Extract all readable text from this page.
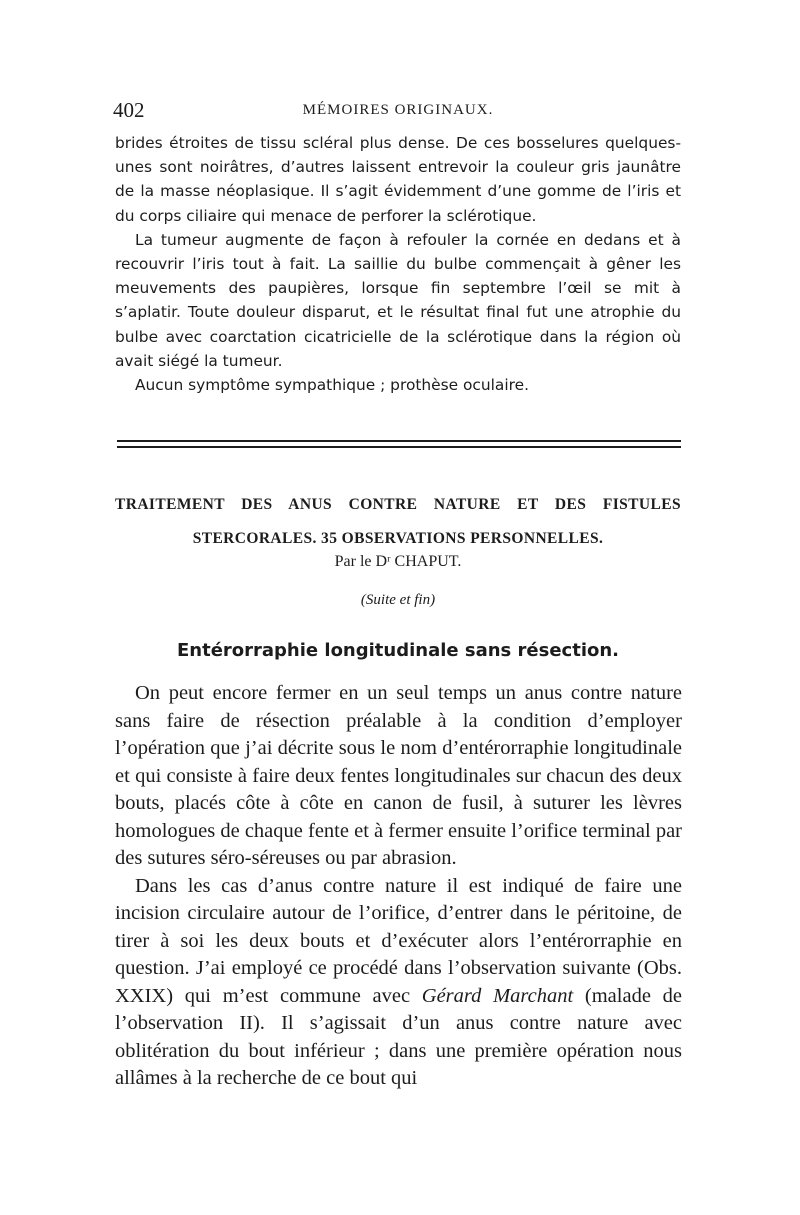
402	MÉMOIRES ORIGINAUX.

brides étroites de tissu scléral plus dense. De ces bosselures quelques-unes sont noirâtres, d’autres laissent entrevoir la couleur gris jaunâtre de la masse néoplasique. Il s’agit évidemment d’une gomme de l’iris et du corps ciliaire qui menace de perforer la sclérotique.

La tumeur augmente de façon à refouler la cornée en dedans et à recouvrir l’iris tout à fait. La saillie du bulbe commençait à gêner les meuvements des paupières, lorsque fin septembre l’œil se mit à s’aplatir. Toute douleur disparut, et le résultat final fut une atrophie du bulbe avec coarctation cicatricielle de la sclérotique dans la région où avait siégé la tumeur.

Aucun symptôme sympathique ; prothèse oculaire.

TRAITEMENT DES ANUS CONTRE NATURE ET DES FISTULES
STERCORALES. 35 OBSERVATIONS PERSONNELLES.
Par le Dʳ CHAPUT.
(Suite et fin)
Entérorraphie longitudinale sans résection.

On peut encore fermer en un seul temps un anus contre nature sans faire de résection préalable à la condition d’employer l’opération que j’ai décrite sous le nom d’entérorraphie longitudinale et qui consiste à faire deux fentes longitudinales sur chacun des deux bouts, placés côte à côte en canon de fusil, à suturer les lèvres homologues de chaque fente et à fermer ensuite l’orifice terminal par des sutures séro-séreuses ou par abrasion.

Dans les cas d’anus contre nature il est indiqué de faire une incision circulaire autour de l’orifice, d’entrer dans le péritoine, de tirer à soi les deux bouts et d’exécuter alors l’entérorraphie en question. J’ai employé ce procédé dans l’observation suivante (Obs. XXIX) qui m’est commune avec Gérard Marchant (malade de l’observation II). Il s’agissait d’un anus contre nature avec oblitération du bout inférieur ; dans une première opération nous allâmes à la recherche de ce bout qui
